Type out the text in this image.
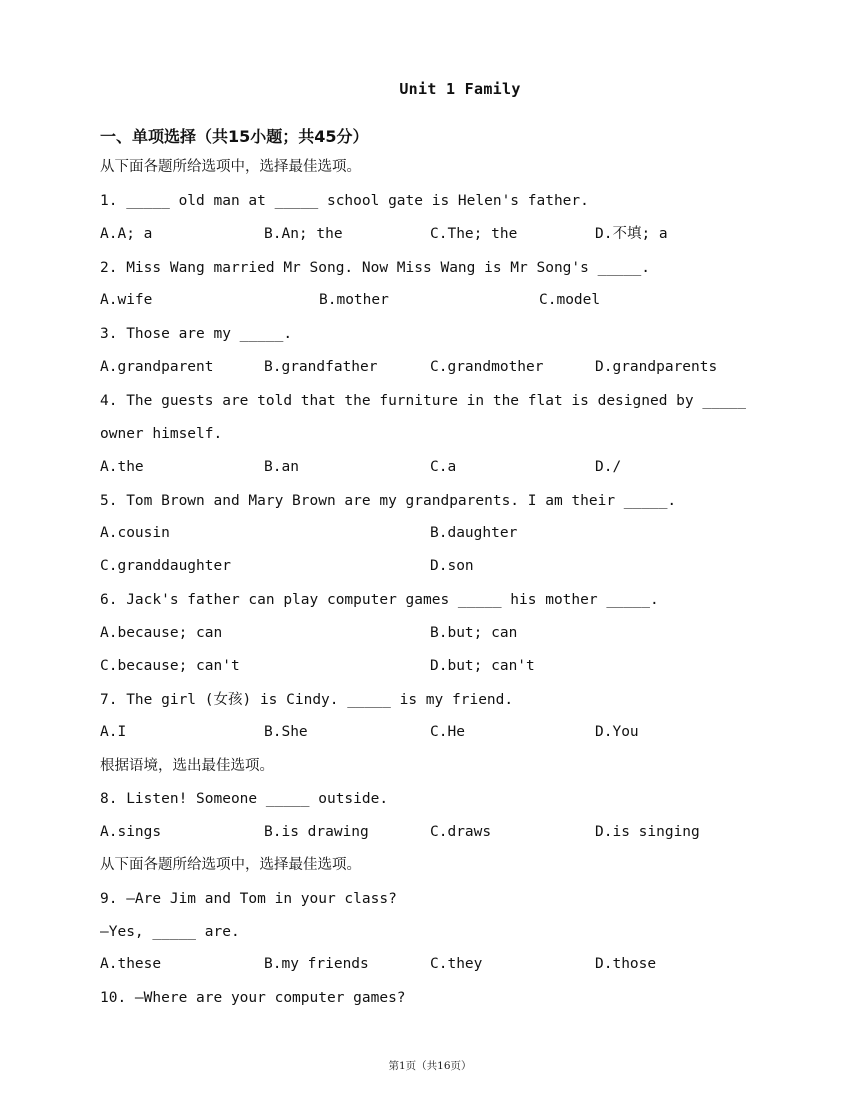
Unit 1 Family
一、单项选择（共15小题；共45分）
从下面各题所给选项中，选择最佳选项。
1. _____ old man at _____ school gate is Helen's father.
A.A; a	B.An; the	C.The; the	D.不填; a
2. Miss Wang married Mr Song. Now Miss Wang is Mr Song's _____.
A.wife	B.mother	C.model
3. Those are my _____.
A.grandparent	B.grandfather	C.grandmother	D.grandparents
4. The guests are told that the furniture in the flat is designed by _____
owner himself.
A.the	B.an	C.a	D./
5. Tom Brown and Mary Brown are my grandparents. I am their _____.
A.cousin	B.daughter
C.granddaughter	D.son
6. Jack's father can play computer games _____ his mother _____.
A.because; can	B.but; can
C.because; can't	D.but; can't
7. The girl (女孩) is Cindy. _____ is my friend.
A.I	B.She	C.He	D.You
根据语境，选出最佳选项。
8. Listen! Someone _____ outside.
A.sings	B.is drawing	C.draws	D.is singing
从下面各题所给选项中，选择最佳选项。
9. —Are Jim and Tom in your class?
—Yes, _____ are.
A.these	B.my friends	C.they	D.those
10. —Where are your computer games?
第1页（共16页）
